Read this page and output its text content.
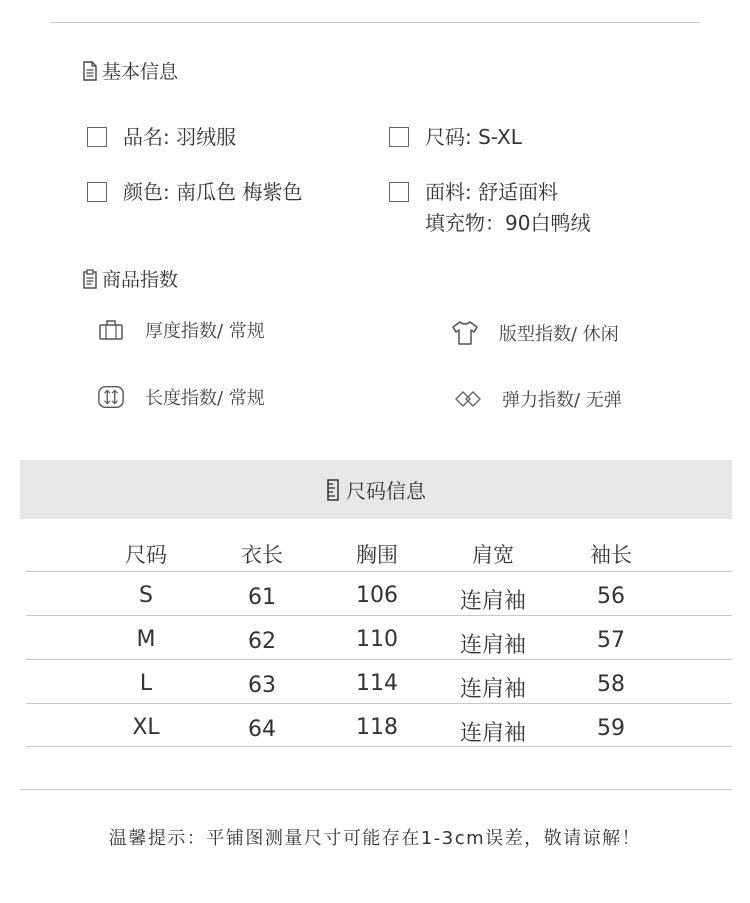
基本信息
品名: 羽绒服	尺码: S-XL
颜色: 南瓜色 梅紫色	面料: 舒适面料
填充物：90白鸭绒
商品指数
厚度指数/ 常规	版型指数/ 休闲
长度指数/ 常规	弹力指数/ 无弹
尺码信息
尺码	衣长	胸围	肩宽	袖长
S	61	106	连肩袖	56
M	62	110	连肩袖	57
L	63	114	连肩袖	58
XL	64	118	连肩袖	59
温馨提示：平铺图测量尺寸可能存在1-3cm误差，敬请谅解！
